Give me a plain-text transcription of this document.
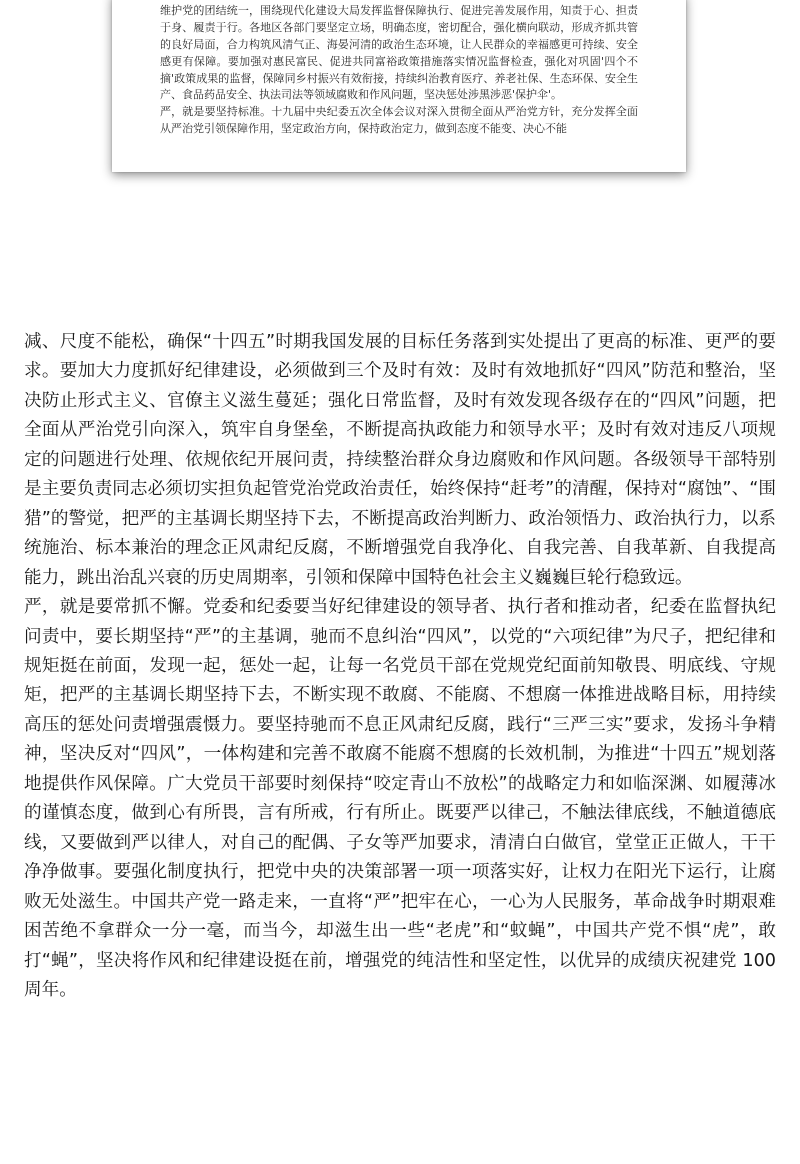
维护党的团结统一，围绕现代化建设大局发挥监督保障执行、促进完善发展作用，知责于心、担责于身、履责于行。各地区各部门要坚定立场，明确态度，密切配合，强化横向联动，形成齐抓共管的良好局面，合力构筑风清气正、海晏河清的政治生态环境，让人民群众的幸福感更可持续、安全感更有保障。要加强对惠民富民、促进共同富裕政策措施落实情况监督检查，强化对巩固'四个不摘'政策成果的监督，保障同乡村振兴有效衔接，持续纠治教育医疗、养老社保、生态环保、安全生产、食品药品安全、执法司法等领域腐败和作风问题，坚决惩处涉黑涉恶'保护伞'。

严，就是要坚持标准。十九届中央纪委五次全体会议对深入贯彻全面从严治党方针，充分发挥全面从严治党引领保障作用，坚定政治方向，保持政治定力，做到态度不能变、决心不能

减、尺度不能松，确保“十四五”时期我国发展的目标任务落到实处提出了更高的标准、更严的要求。要加大力度抓好纪律建设，必须做到三个及时有效：及时有效地抓好“四风”防范和整治，坚决防止形式主义、官僚主义滋生蔓延；强化日常监督，及时有效发现各级存在的“四风”问题，把全面从严治党引向深入，筑牢自身堡垒，不断提高执政能力和领导水平；及时有效对违反八项规定的问题进行处理、依规依纪开展问责，持续整治群众身边腐败和作风问题。各级领导干部特别是主要负责同志必须切实担负起管党治党政治责任，始终保持“赶考”的清醒，保持对“腐蚀”、“围猎”的警觉，把严的主基调长期坚持下去，不断提高政治判断力、政治领悟力、政治执行力，以系统施治、标本兼治的理念正风肃纪反腐，不断增强党自我净化、自我完善、自我革新、自我提高能力，跳出治乱兴衰的历史周期率，引领和保障中国特色社会主义巍巍巨轮行稳致远。

严，就是要常抓不懈。党委和纪委要当好纪律建设的领导者、执行者和推动者，纪委在监督执纪问责中，要长期坚持“严”的主基调，驰而不息纠治“四风”，以党的“六项纪律”为尺子，把纪律和规矩挺在前面，发现一起，惩处一起，让每一名党员干部在党规党纪面前知敬畏、明底线、守规矩，把严的主基调长期坚持下去，不断实现不敢腐、不能腐、不想腐一体推进战略目标，用持续高压的惩处问责增强震慑力。要坚持驰而不息正风肃纪反腐，践行“三严三实”要求，发扬斗争精神，坚决反对“四风”，一体构建和完善不敢腐不能腐不想腐的长效机制，为推进“十四五”规划落地提供作风保障。广大党员干部要时刻保持“咬定青山不放松”的战略定力和如临深渊、如履薄冰的谨慎态度，做到心有所畏，言有所戒，行有所止。既要严以律己，不触法律底线，不触道德底线，又要做到严以律人，对自己的配偶、子女等严加要求，清清白白做官，堂堂正正做人，干干净净做事。要强化制度执行，把党中央的决策部署一项一项落实好，让权力在阳光下运行，让腐败无处滋生。中国共产党一路走来，一直将“严”把牢在心，一心为人民服务，革命战争时期艰难困苦绝不拿群众一分一毫，而当今，却滋生出一些“老虎”和“蚊蝇”，中国共产党不惧“虎”，敢打“蝇”，坚决将作风和纪律建设挺在前，增强党的纯洁性和坚定性，以优异的成绩庆祝建党 100 周年。
